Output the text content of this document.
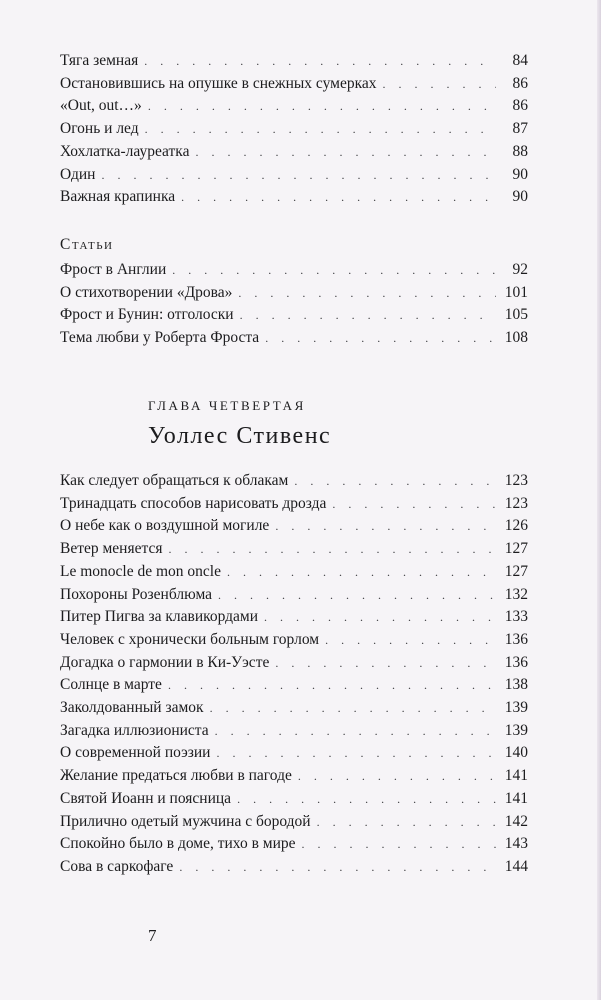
Тяга земная . . .	84
Остановившись на опушке в снежных сумерках . . .	86
«Out, out…» . . .	86
Огонь и лед . . .	87
Хохлатка-лауреатка . . .	88
Один . . .	90
Важная крапинка . . .	90
Статьи
Фрост в Англии . . .	92
О стихотворении «Дрова» . . .	101
Фрост и Бунин: отголоски . . .	105
Тема любви у Роберта Фроста . . .	108
ГЛАВА ЧЕТВЕРТАЯ
Уоллес Стивенс
Как следует обращаться к облакам . . .	123
Тринадцать способов нарисовать дрозда . . .	123
О небе как о воздушной могиле . . .	126
Ветер меняется . . .	127
Le monocle de mon oncle . . .	127
Похороны Розенблюма . . .	132
Питер Пигва за клавикордами . . .	133
Человек с хронически больным горлом . . .	136
Догадка о гармонии в Ки-Уэсте . . .	136
Солнце в марте . . .	138
Заколдованный замок . . .	139
Загадка иллюзиониста . . .	139
О современной поэзии . . .	140
Желание предаться любви в пагоде . . .	141
Святой Иоанн и поясница . . .	141
Прилично одетый мужчина с бородой . . .	142
Спокойно было в доме, тихо в мире . . .	143
Сова в саркофаге . . .	144
7
